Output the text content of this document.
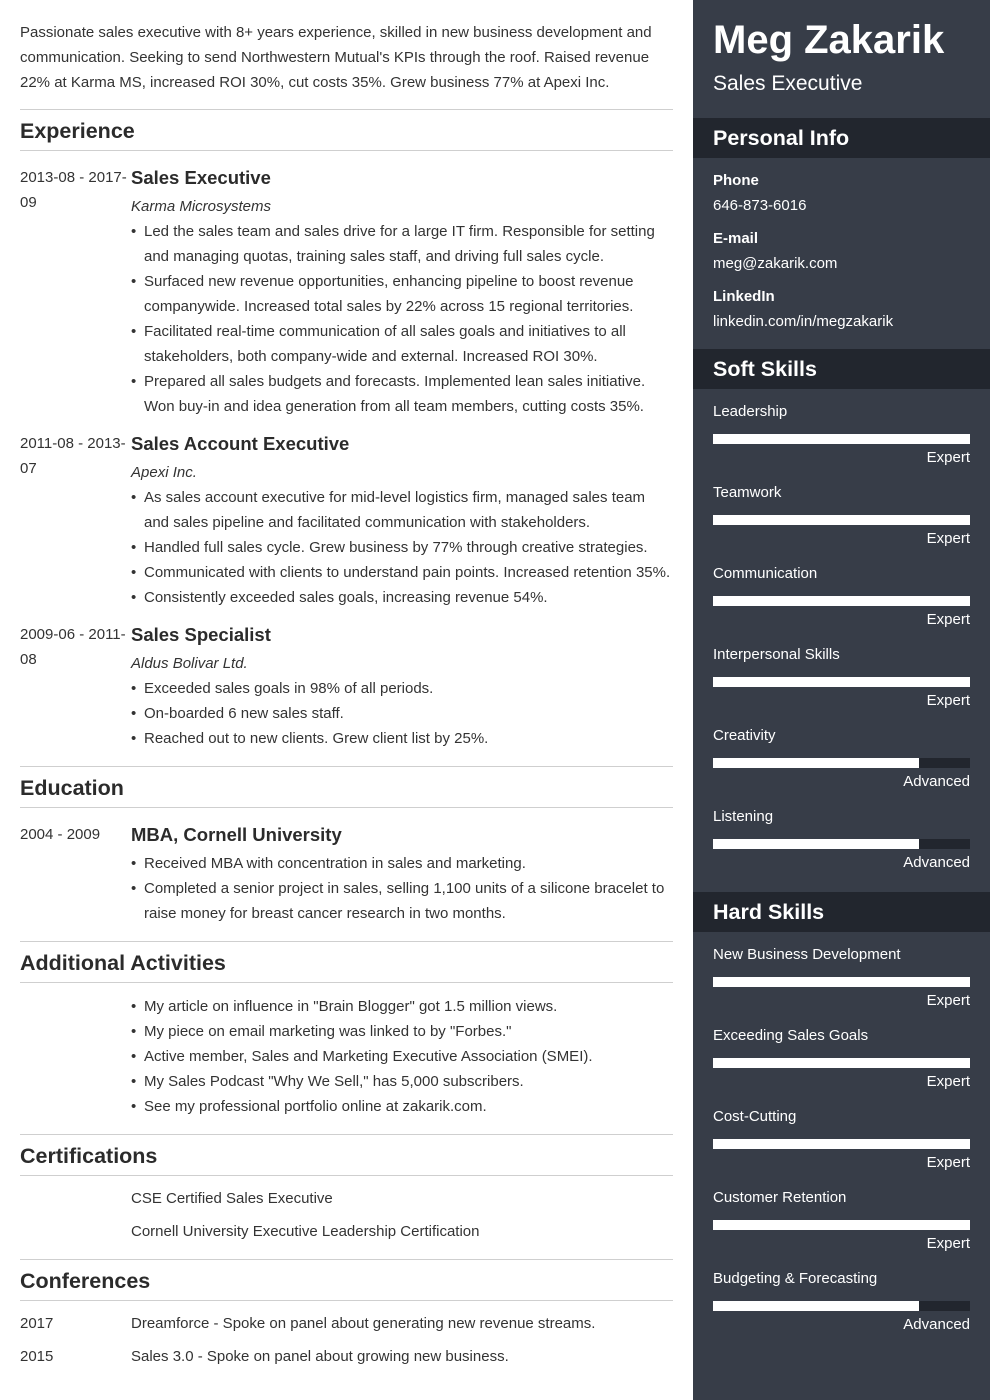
Passionate sales executive with 8+ years experience, skilled in new business development and communication. Seeking to send Northwestern Mutual's KPIs through the roof. Raised revenue 22% at Karma MS, increased ROI 30%, cut costs 35%. Grew business 77% at Apexi Inc.
Experience
2013-08 - 2017-09
Sales Executive
Karma Microsystems
• Led the sales team and sales drive for a large IT firm. Responsible for setting and managing quotas, training sales staff, and driving full sales cycle.
• Surfaced new revenue opportunities, enhancing pipeline to boost revenue companywide. Increased total sales by 22% across 15 regional territories.
• Facilitated real-time communication of all sales goals and initiatives to all stakeholders, both company-wide and external. Increased ROI 30%.
• Prepared all sales budgets and forecasts. Implemented lean sales initiative. Won buy-in and idea generation from all team members, cutting costs 35%.
2011-08 - 2013-07
Sales Account Executive
Apexi Inc.
• As sales account executive for mid-level logistics firm, managed sales team and sales pipeline and facilitated communication with stakeholders.
• Handled full sales cycle. Grew business by 77% through creative strategies.
• Communicated with clients to understand pain points. Increased retention 35%.
• Consistently exceeded sales goals, increasing revenue 54%.
2009-06 - 2011-08
Sales Specialist
Aldus Bolivar Ltd.
• Exceeded sales goals in 98% of all periods.
• On-boarded 6 new sales staff.
• Reached out to new clients. Grew client list by 25%.
Education
2004 - 2009	MBA, Cornell University
• Received MBA with concentration in sales and marketing.
• Completed a senior project in sales, selling 1,100 units of a silicone bracelet to raise money for breast cancer research in two months.
Additional Activities
• My article on influence in "Brain Blogger" got 1.5 million views.
• My piece on email marketing was linked to by "Forbes."
• Active member, Sales and Marketing Executive Association (SMEI).
• My Sales Podcast "Why We Sell," has 5,000 subscribers.
• See my professional portfolio online at zakarik.com.
Certifications
CSE Certified Sales Executive
Cornell University Executive Leadership Certification
Conferences
2017	Dreamforce - Spoke on panel about generating new revenue streams.
2015	Sales 3.0 - Spoke on panel about growing new business.
Meg Zakarik
Sales Executive
Personal Info
Phone
646-873-6016
E-mail
meg@zakarik.com
LinkedIn
linkedin.com/in/megzakarik
Soft Skills
Leadership
Expert
Teamwork
Expert
Communication
Expert
Interpersonal Skills
Expert
Creativity
Advanced
Listening
Advanced
Hard Skills
New Business Development
Expert
Exceeding Sales Goals
Expert
Cost-Cutting
Expert
Customer Retention
Expert
Budgeting & Forecasting
Advanced
